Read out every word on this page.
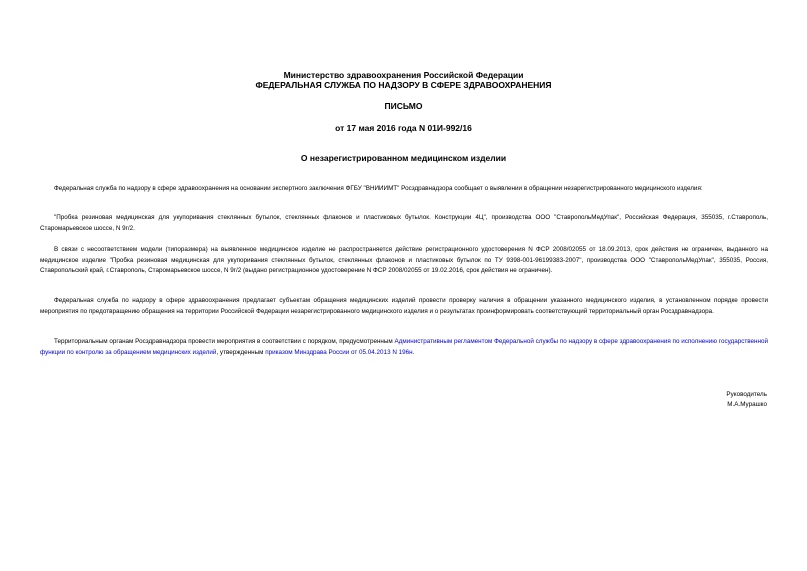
Министерство здравоохранения Российской Федерации
ФЕДЕРАЛЬНАЯ СЛУЖБА ПО НАДЗОРУ В СФЕРЕ ЗДРАВООХРАНЕНИЯ
ПИСЬМО
от 17 мая 2016 года N 01И-992/16
О незарегистрированном медицинском изделии
Федеральная служба по надзору в сфере здравоохранения на основании экспертного заключения ФГБУ "ВНИИИМТ" Росздравнадзора сообщает о выявлении в обращении незарегистрированного медицинского изделия:
"Пробка резиновая медицинская для укупоривания стеклянных бутылок, стеклянных флаконов и пластиковых бутылок. Конструкции 4Ц", производства ООО "СтавропольМедУпак", Российская Федерация, 355035, г.Ставрополь, Старомарьевское шоссе, N 9г/2.
В связи с несоответствием модели (типоразмера) на выявленное медицинское изделие не распространяется действие регистрационного удостоверения N ФСР 2008/02055 от 18.09.2013, срок действия не ограничен, выданного на медицинское изделие "Пробка резиновая медицинская для укупоривания стеклянных бутылок, стеклянных флаконов и пластиковых бутылок по ТУ 9398-001-96199383-2007", производства ООО "СтавропольМедУпак", 355035, Россия, Ставропольский край, г.Ставрополь, Старомарьевское шоссе, N 9г/2 (выдано регистрационное удостоверение N ФСР 2008/02055 от 19.02.2016, срок действия не ограничен).
Федеральная служба по надзору в сфере здравоохранения предлагает субъектам обращения медицинских изделий провести проверку наличия в обращении указанного медицинского изделия, в установленном порядке провести мероприятия по предотвращению обращения на территории Российской Федерации незарегистрированного медицинского изделия и о результатах проинформировать соответствующий территориальный орган Росздравнадзора.
Территориальным органам Росздравнадзора провести мероприятия в соответствии с порядком, предусмотренным Административным регламентом Федеральной службы по надзору в сфере здравоохранения по исполнению государственной функции по контролю за обращением медицинских изделий, утвержденным приказом Минздрава России от 05.04.2013 N 196н.
Руководитель
М.А.Мурашко
